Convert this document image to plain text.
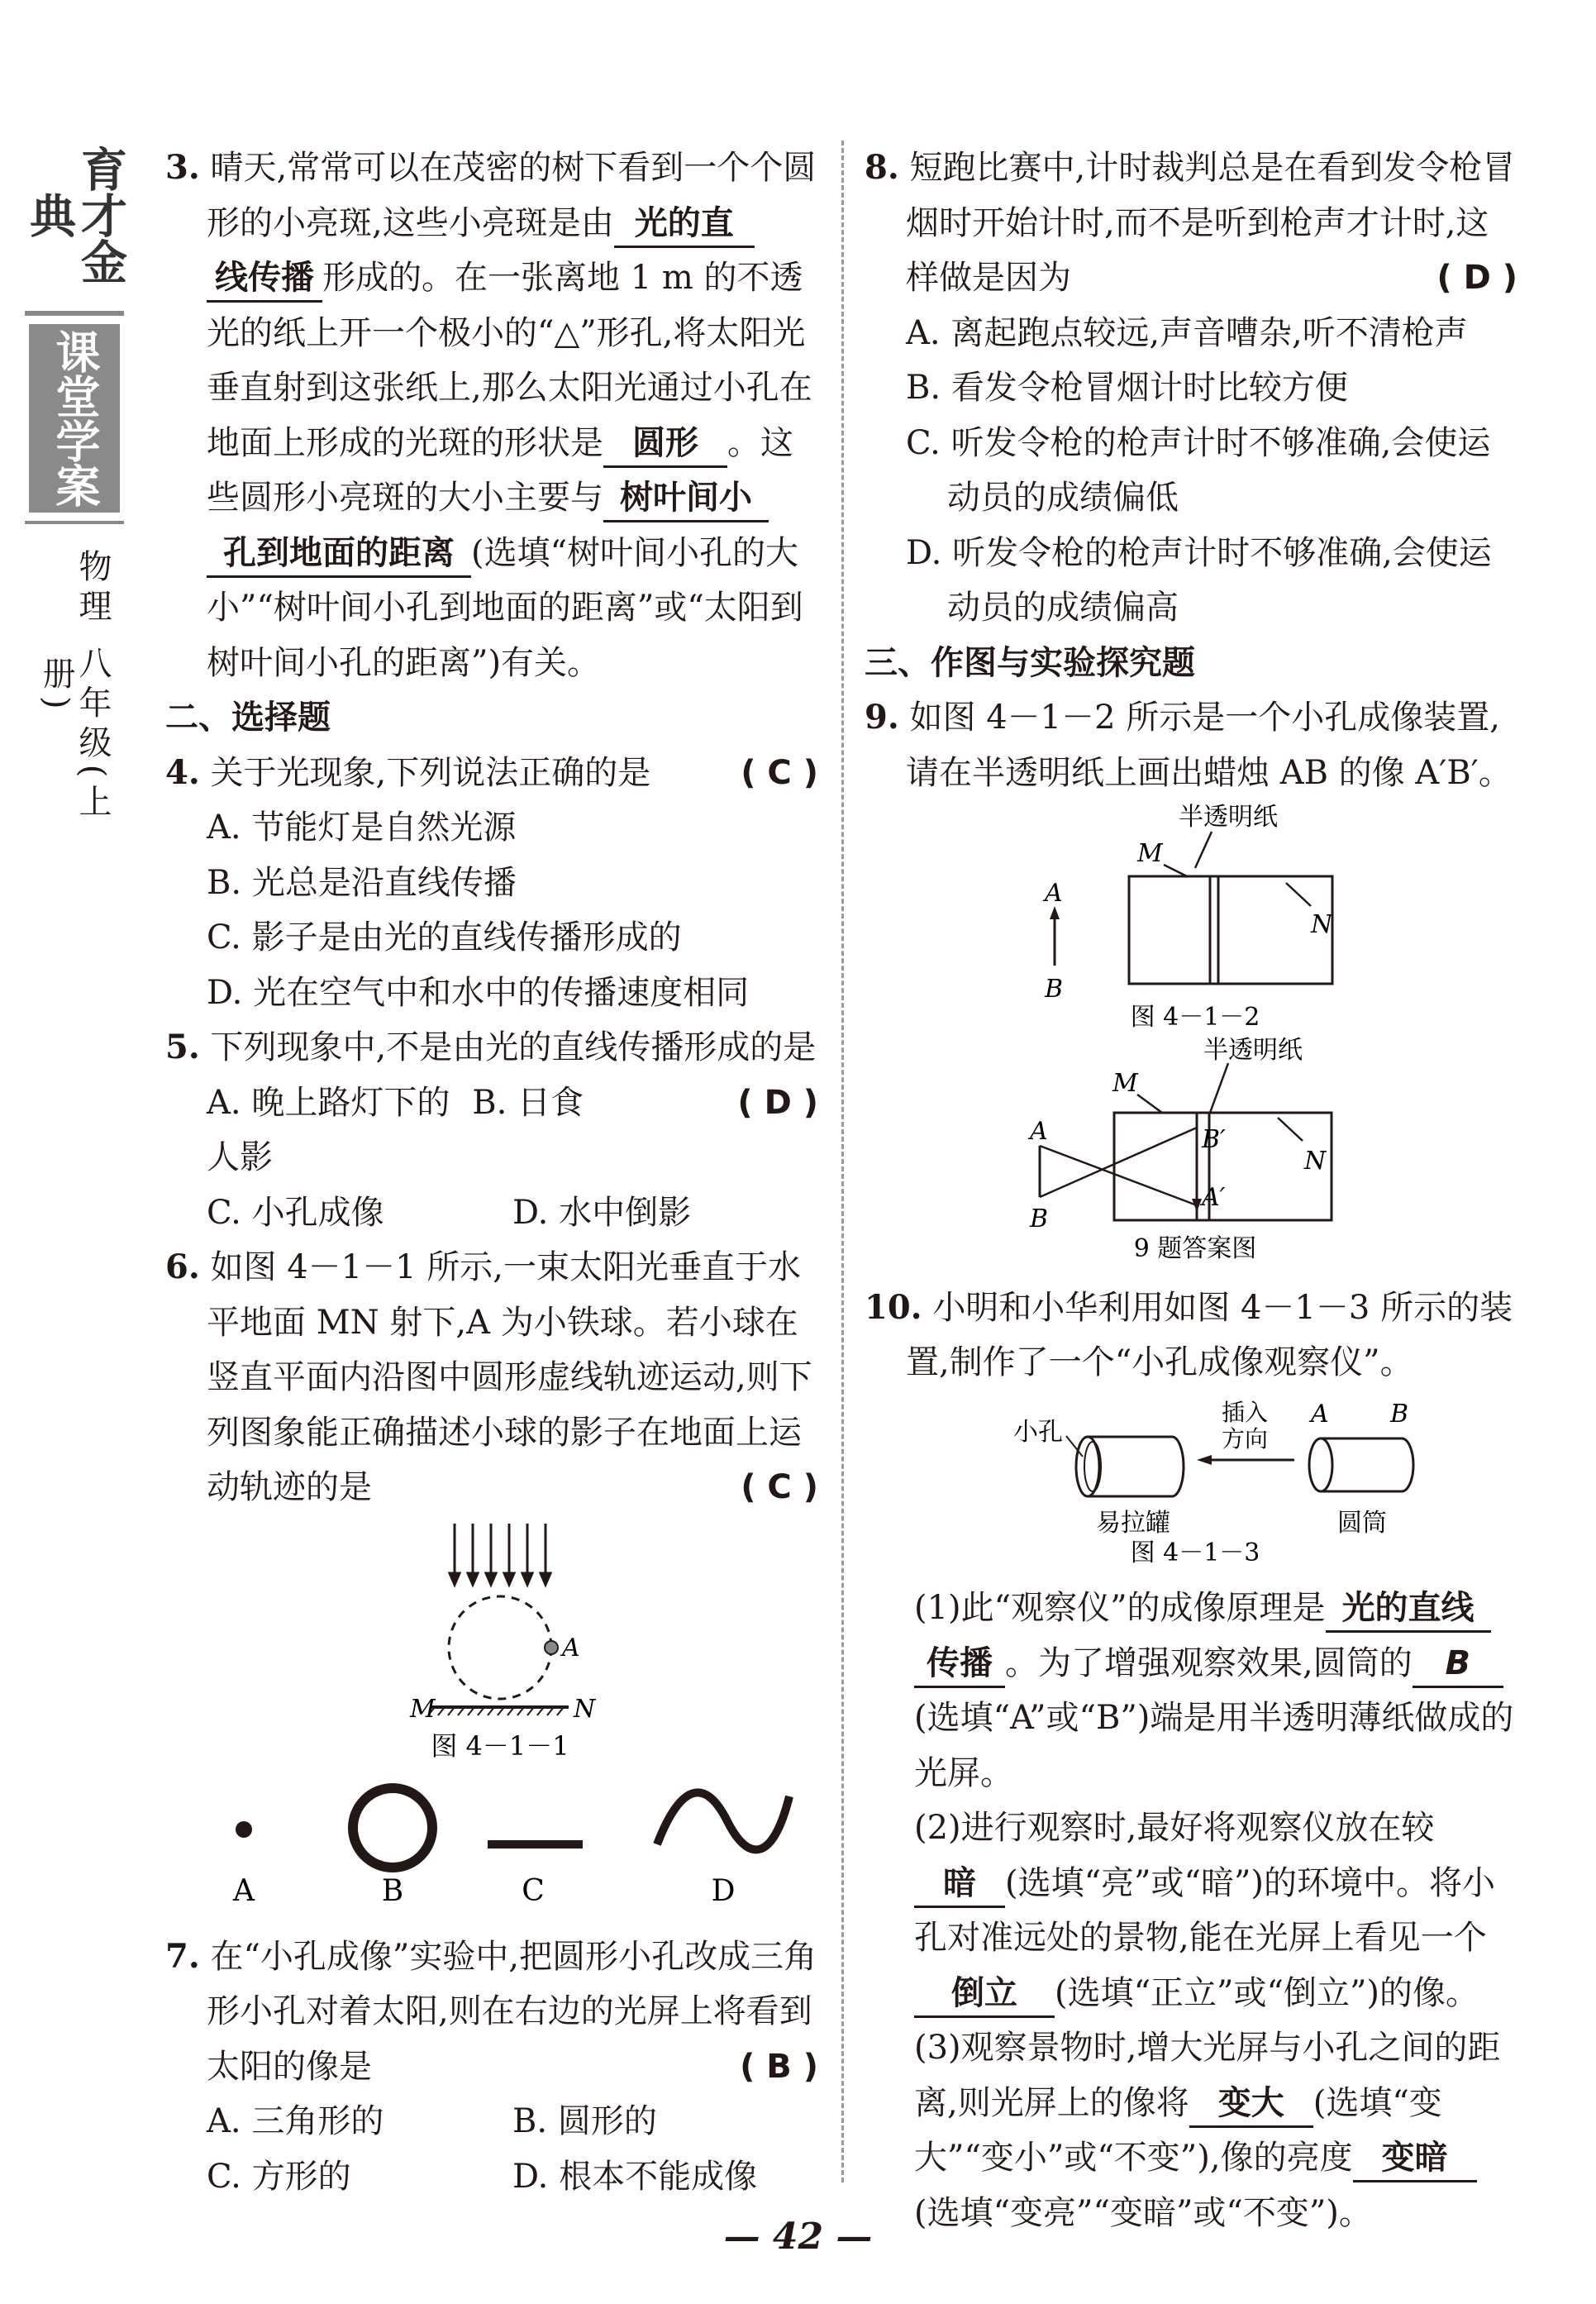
育才金典
课堂学案
物理 八年级(上册)

3. 晴天,常常可以在茂密的树下看到一个个圆形的小亮斑,这些小亮斑是由 光的直线传播 形成的。在一张离地 1 m 的不透光的纸上开一个极小的“△”形孔,将太阳光垂直射到这张纸上,那么太阳光通过小孔在地面上形成的光斑的形状是 圆形 。这些圆形小亮斑的大小主要与 树叶间小孔到地面的距离 (选填“树叶间小孔的大小”“树叶间小孔到地面的距离”或“太阳到树叶间小孔的距离”)有关。

二、选择题

( C )
4. 关于光现象,下列说法正确的是

A. 节能灯是自然光源

B. 光总是沿直线传播

C. 影子是由光的直线传播形成的

D. 光在空气中和水中的传播速度相同

5. 下列现象中,不是由光的直线传播形成的是
( D )

A. 晚上路灯下的人影
B. 日食
C. 小孔成像	D. 水中倒影

6. 如图 4－1－1 所示,一束太阳光垂直于水平地面 MN 射下,A 为小铁球。若小球在竖直平面内沿图中圆形虚线轨迹运动,则下列图象能正确描述小球的影子在地面上运动轨迹的是	( C )

A
M	N
图 4－1－1

A	B	C	D

7. 在“小孔成像”实验中,把圆形小孔改成三角形小孔对着太阳,则在右边的光屏上将看到太阳的像是	( B )

A. 三角形的	B. 圆形的
C. 方形的	D. 根本不能成像

8. 短跑比赛中,计时裁判总是在看到发令枪冒烟时开始计时,而不是听到枪声才计时,这样做是因为	( D )

A. 离起跑点较远,声音嘈杂,听不清枪声

B. 看发令枪冒烟计时比较方便

C. 听发令枪的枪声计时不够准确,会使运动员的成绩偏低

D. 听发令枪的枪声计时不够准确,会使运动员的成绩偏高

三、作图与实验探究题

9. 如图 4－1－2 所示是一个小孔成像装置,请在半透明纸上画出蜡烛 AB 的像 A′B′。

半透明纸
M
N
A
B
图 4－1－2
半透明纸
M
N
A
B
B′
A′
9 题答案图

10. 小明和小华利用如图 4－1－3 所示的装置,制作了一个“小孔成像观察仪”。

小孔
易拉罐
插入
方向
A B
圆筒
图 4－1－3

(1)此“观察仪”的成像原理是 光的直线传播 。为了增强观察效果,圆筒的 B(选填“A”或“B”)端是用半透明薄纸做成的光屏。

(2)进行观察时,最好将观察仪放在较暗 (选填“亮”或“暗”)的环境中。将小孔对准远处的景物,能在光屏上看见一个倒立 (选填“正立”或“倒立”)的像。

(3)观察景物时,增大光屏与小孔之间的距离,则光屏上的像将 变大 (选填“变大”“变小”或“不变”),像的亮度 变暗(选填“变亮”“变暗”或“不变”)。

— 42 —
